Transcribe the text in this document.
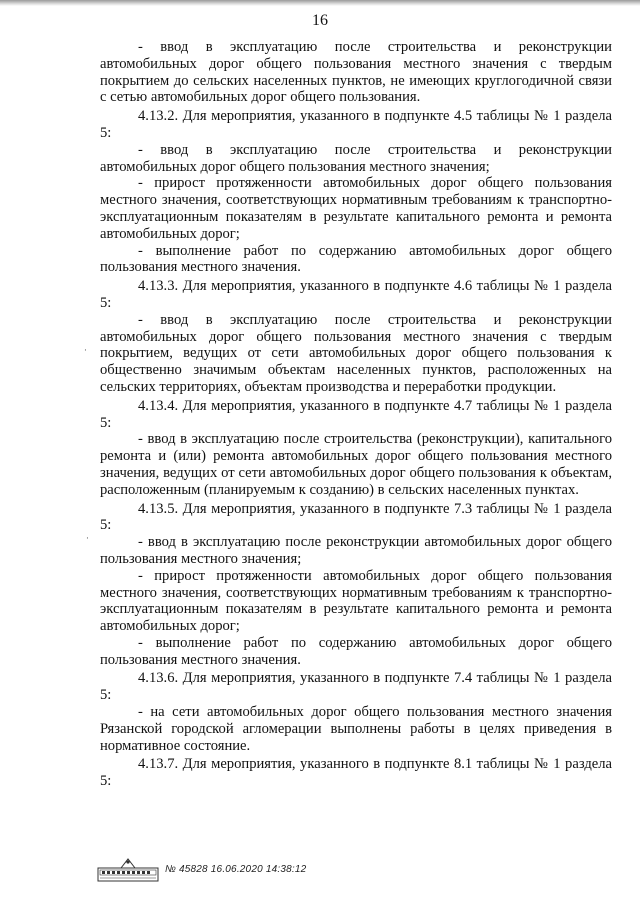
16

- ввод в эксплуатацию после строительства и реконструкции автомобильных дорог общего пользования местного значения с твердым покрытием до сельских населенных пунктов, не имеющих круглогодичной связи с сетью автомобильных дорог общего пользования.

4.13.2. Для мероприятия, указанного в подпункте 4.5 таблицы № 1 раздела 5:

- ввод в эксплуатацию после строительства и реконструкции автомобильных дорог общего пользования местного значения;

- прирост протяженности автомобильных дорог общего пользования местного значения, соответствующих нормативным требованиям к транспортно-эксплуатационным показателям в результате капитального ремонта и ремонта автомобильных дорог;

- выполнение работ по содержанию автомобильных дорог общего пользования местного значения.

4.13.3. Для мероприятия, указанного в подпункте 4.6 таблицы № 1 раздела 5:

- ввод в эксплуатацию после строительства и реконструкции автомобильных дорог общего пользования местного значения с твердым покрытием, ведущих от сети автомобильных дорог общего пользования к общественно значимым объектам населенных пунктов, расположенных на сельских территориях, объектам производства и переработки продукции.

4.13.4. Для мероприятия, указанного в подпункте 4.7 таблицы № 1 раздела 5:

- ввод в эксплуатацию после строительства (реконструкции), капитального ремонта и (или) ремонта автомобильных дорог общего пользования местного значения, ведущих от сети автомобильных дорог общего пользования к объектам, расположенным (планируемым к созданию) в сельских населенных пунктах.

4.13.5. Для мероприятия, указанного в подпункте 7.3 таблицы № 1 раздела 5:

- ввод в эксплуатацию после реконструкции автомобильных дорог общего пользования местного значения;

- прирост протяженности автомобильных дорог общего пользования местного значения, соответствующих нормативным требованиям к транспортно-эксплуатационным показателям в результате капитального ремонта и ремонта автомобильных дорог;

- выполнение работ по содержанию автомобильных дорог общего пользования местного значения.

4.13.6. Для мероприятия, указанного в подпункте 7.4 таблицы № 1 раздела 5:

- на сети автомобильных дорог общего пользования местного значения Рязанской городской агломерации выполнены работы в целях приведения в нормативное состояние.

4.13.7. Для мероприятия, указанного в подпункте 8.1 таблицы № 1 раздела 5:

·
·
№ 45828 16.06.2020 14:38:12
